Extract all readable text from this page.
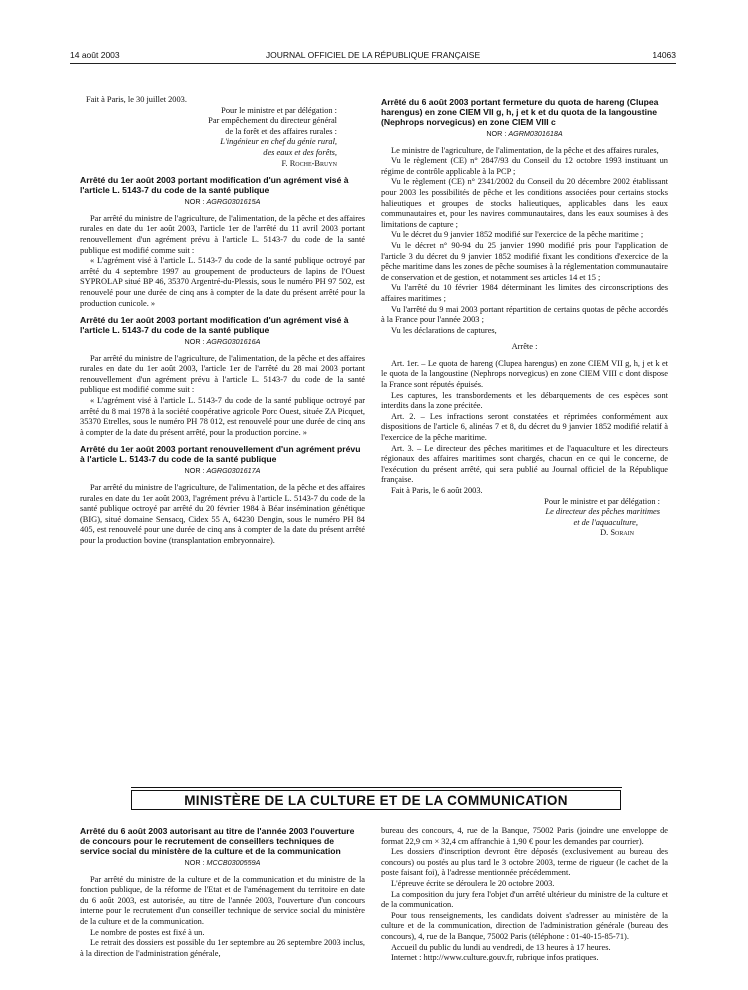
14 août 2003	JOURNAL OFFICIEL DE LA RÉPUBLIQUE FRANÇAISE	14063

Fait à Paris, le 30 juillet 2003.

Pour le ministre et par délégation :
Par empêchement du directeur général
de la forêt et des affaires rurales :
L'ingénieur en chef du génie rural,
des eaux et des forêts,
F. Roche-Bruyn
Arrêté du 1er août 2003 portant modification d'un agrément visé à l'article L. 5143-7 du code de la santé publique
NOR : AGRG0301615A

Par arrêté du ministre de l'agriculture, de l'alimentation, de la pêche et des affaires rurales en date du 1er août 2003, l'article 1er de l'arrêté du 11 avril 2003 portant renouvellement d'un agrément prévu à l'article L. 5143-7 du code de la santé publique est modifié comme suit :

« L'agrément visé à l'article L. 5143-7 du code de la santé publique octroyé par arrêté du 4 septembre 1997 au groupement de producteurs de lapins de l'Ouest SYPROLAP situé BP 46, 35370 Argentré-du-Plessis, sous le numéro PH 97 502, est renouvelé pour une durée de cinq ans à compter de la date du présent arrêté pour la production cunicole. »

Arrêté du 1er août 2003 portant modification d'un agrément visé à l'article L. 5143-7 du code de la santé publique
NOR : AGRG0301616A

Par arrêté du ministre de l'agriculture, de l'alimentation, de la pêche et des affaires rurales en date du 1er août 2003, l'article 1er de l'arrêté du 28 mai 2003 portant renouvellement d'un agrément prévu à l'article L. 5143-7 du code de la santé publique est modifié comme suit :

« L'agrément visé à l'article L. 5143-7 du code de la santé publique octroyé par arrêté du 8 mai 1978 à la société coopérative agricole Porc Ouest, située ZA Picquet, 35370 Etrelles, sous le numéro PH 78 012, est renouvelé pour une durée de cinq ans à compter de la date du présent arrêté, pour la production porcine. »

Arrêté du 1er août 2003 portant renouvellement d'un agrément prévu à l'article L. 5143-7 du code de la santé publique
NOR : AGRG0301617A

Par arrêté du ministre de l'agriculture, de l'alimentation, de la pêche et des affaires rurales en date du 1er août 2003, l'agrément prévu à l'article L. 5143-7 du code de la santé publique octroyé par arrêté du 20 février 1984 à Béar insémination génétique (BIG), situé domaine Sensacq, Cidex 55 A, 64230 Dengin, sous le numéro PH 84 405, est renouvelé pour une durée de cinq ans à compter de la date du présent arrêté pour la production bovine (transplantation embryonnaire).

Arrêté du 6 août 2003 portant fermeture du quota de hareng (Clupea harengus) en zone CIEM VII g, h, j et k et du quota de la langoustine (Nephrops norvegicus) en zone CIEM VIII c
NOR : AGRM0301618A

Le ministre de l'agriculture, de l'alimentation, de la pêche et des affaires rurales,

Vu le règlement (CE) n° 2847/93 du Conseil du 12 octobre 1993 instituant un régime de contrôle applicable à la PCP ;

Vu le règlement (CE) n° 2341/2002 du Conseil du 20 décembre 2002 établissant pour 2003 les possibilités de pêche et les conditions associées pour certains stocks halieutiques et groupes de stocks halieutiques, applicables dans les eaux communautaires et, pour les navires communautaires, dans les eaux soumises à des limitations de capture ;

Vu le décret du 9 janvier 1852 modifié sur l'exercice de la pêche maritime ;

Vu le décret n° 90-94 du 25 janvier 1990 modifié pris pour l'application de l'article 3 du décret du 9 janvier 1852 modifié fixant les conditions d'exercice de la pêche maritime dans les zones de pêche soumises à la réglementation communautaire de conservation et de gestion, et notamment ses articles 14 et 15 ;

Vu l'arrêté du 10 février 1984 déterminant les limites des circonscriptions des affaires maritimes ;

Vu l'arrêté du 9 mai 2003 portant répartition de certains quotas de pêche accordés à la France pour l'année 2003 ;

Vu les déclarations de captures,

Arrête :

Art. 1er. – Le quota de hareng (Clupea harengus) en zone CIEM VII g, h, j et k et le quota de la langoustine (Nephrops norvegicus) en zone CIEM VIII c dont dispose la France sont réputés épuisés.

Les captures, les transbordements et les débarquements de ces espèces sont interdits dans la zone précitée.

Art. 2. – Les infractions seront constatées et réprimées conformément aux dispositions de l'article 6, alinéas 7 et 8, du décret du 9 janvier 1852 modifié relatif à l'exercice de la pêche maritime.

Art. 3. – Le directeur des pêches maritimes et de l'aquaculture et les directeurs régionaux des affaires maritimes sont chargés, chacun en ce qui le concerne, de l'exécution du présent arrêté, qui sera publié au Journal officiel de la République française.

Fait à Paris, le 6 août 2003.

Pour le ministre et par délégation :
Le directeur des pêches maritimes
et de l'aquaculture,
D. Sorain
MINISTÈRE DE LA CULTURE ET DE LA COMMUNICATION
Arrêté du 6 août 2003 autorisant au titre de l'année 2003 l'ouverture de concours pour le recrutement de conseillers techniques de service social du ministère de la culture et de la communication
NOR : MCCB0300559A

Par arrêté du ministre de la culture et de la communication et du ministre de la fonction publique, de la réforme de l'Etat et de l'aménagement du territoire en date du 6 août 2003, est autorisée, au titre de l'année 2003, l'ouverture d'un concours interne pour le recrutement d'un conseiller technique de service social du ministère de la culture et de la communication.

Le nombre de postes est fixé à un.

Le retrait des dossiers est possible du 1er septembre au 26 septembre 2003 inclus, à la direction de l'administration générale,

bureau des concours, 4, rue de la Banque, 75002 Paris (joindre une enveloppe de format 22,9 cm × 32,4 cm affranchie à 1,90 € pour les demandes par courrier).

Les dossiers d'inscription devront être déposés (exclusivement au bureau des concours) ou postés au plus tard le 3 octobre 2003, terme de rigueur (le cachet de la poste faisant foi), à l'adresse mentionnée précédemment.

L'épreuve écrite se déroulera le 20 octobre 2003.

La composition du jury fera l'objet d'un arrêté ultérieur du ministre de la culture et de la communication.

Pour tous renseignements, les candidats doivent s'adresser au ministère de la culture et de la communication, direction de l'administration générale (bureau des concours), 4, rue de la Banque, 75002 Paris (téléphone : 01-40-15-85-71).

Accueil du public du lundi au vendredi, de 13 heures à 17 heures.

Internet : http://www.culture.gouv.fr, rubrique infos pratiques.
